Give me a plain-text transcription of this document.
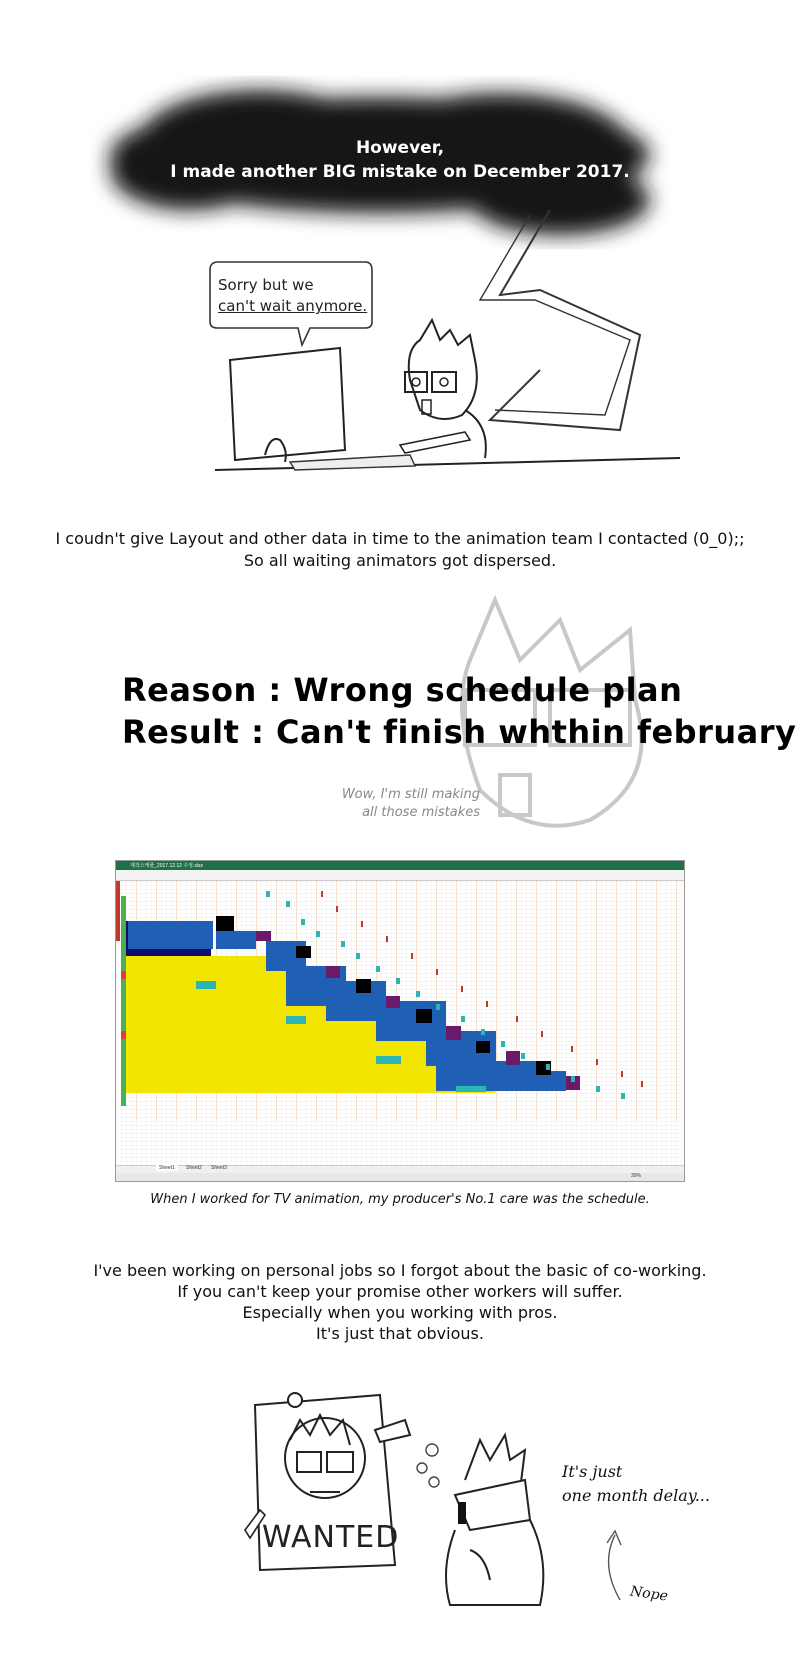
However,
I made another BIG mistake on December 2017.
Sorry but we
can't wait anymore.
I coudn't give Layout and other data in time to the animation team I contacted (0_0);;
So all waiting animators got dispersed.
Reason : Wrong schedule plan
Result : Can't finish whthin february
Wow, I'm still making
all those mistakes
제작스케줄_2017.12.12 수정.xlsx
Sheet1	Sheet2 Sheet3
30%
When I worked for TV animation, my producer's No.1 care was the schedule.
I've been working on personal jobs so I forgot about the basic of co-working.
If you can't keep your promise other workers will suffer.
Especially when you working with pros.
It's just that obvious.
WANTED
It's just
one month delay...
Nope
